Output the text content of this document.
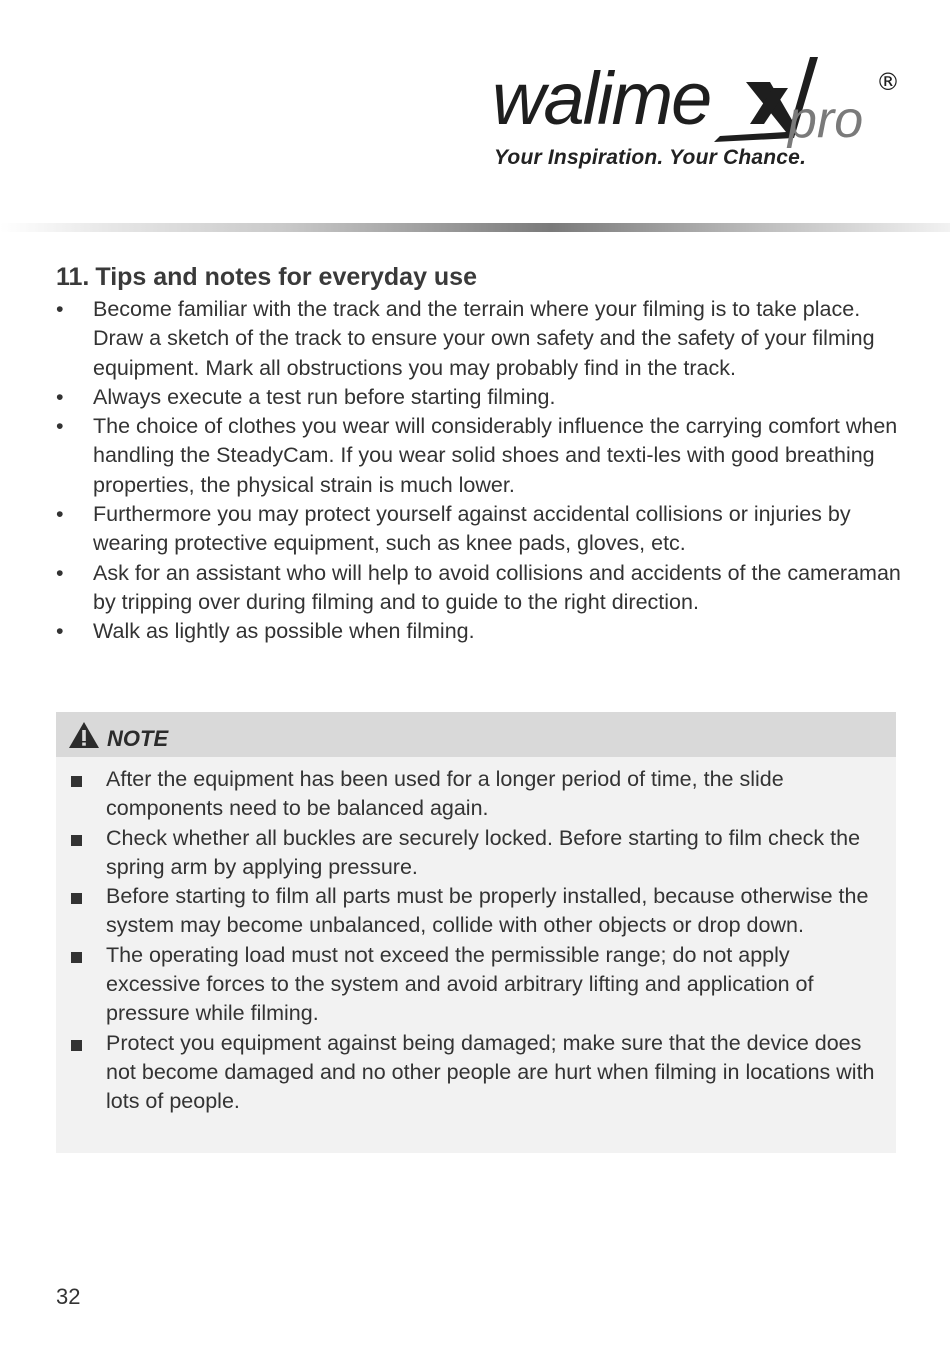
walime pro
®
Your Inspiration. Your Chance.
11. Tips and notes for everyday use
• Become familiar with the track and the terrain where your filming is to take place. Draw a sketch of the track to ensure your own safety and the safety of your filming equipment. Mark all obstructions you may probably find in the track.
• Always execute a test run before starting filming.
• The choice of clothes you wear will considerably influence the carrying comfort when handling the SteadyCam. If you wear solid shoes and texti-les with good breathing properties, the physical strain is much lower.
• Furthermore you may protect yourself against accidental collisions or injuries by wearing protective equipment, such as knee pads, gloves, etc.
• Ask for an assistant who will help to avoid collisions and accidents of the cameraman by tripping over during filming and to guide to the right direction.
• Walk as lightly as possible when filming.
NOTE
After the equipment has been used for a longer period of time, the slide components need to be balanced again.
Check whether all buckles are securely locked. Before starting to film check the spring arm by applying pressure.
Before starting to film all parts must be properly installed, because otherwise the system may become unbalanced, collide with other objects or drop down.
The operating load must not exceed the permissible range; do not apply excessive forces to the system and avoid arbitrary lifting and application of pressure while filming.
Protect you equipment against being damaged; make sure that the device does not become damaged and no other people are hurt when filming in locations with lots of people.
32
